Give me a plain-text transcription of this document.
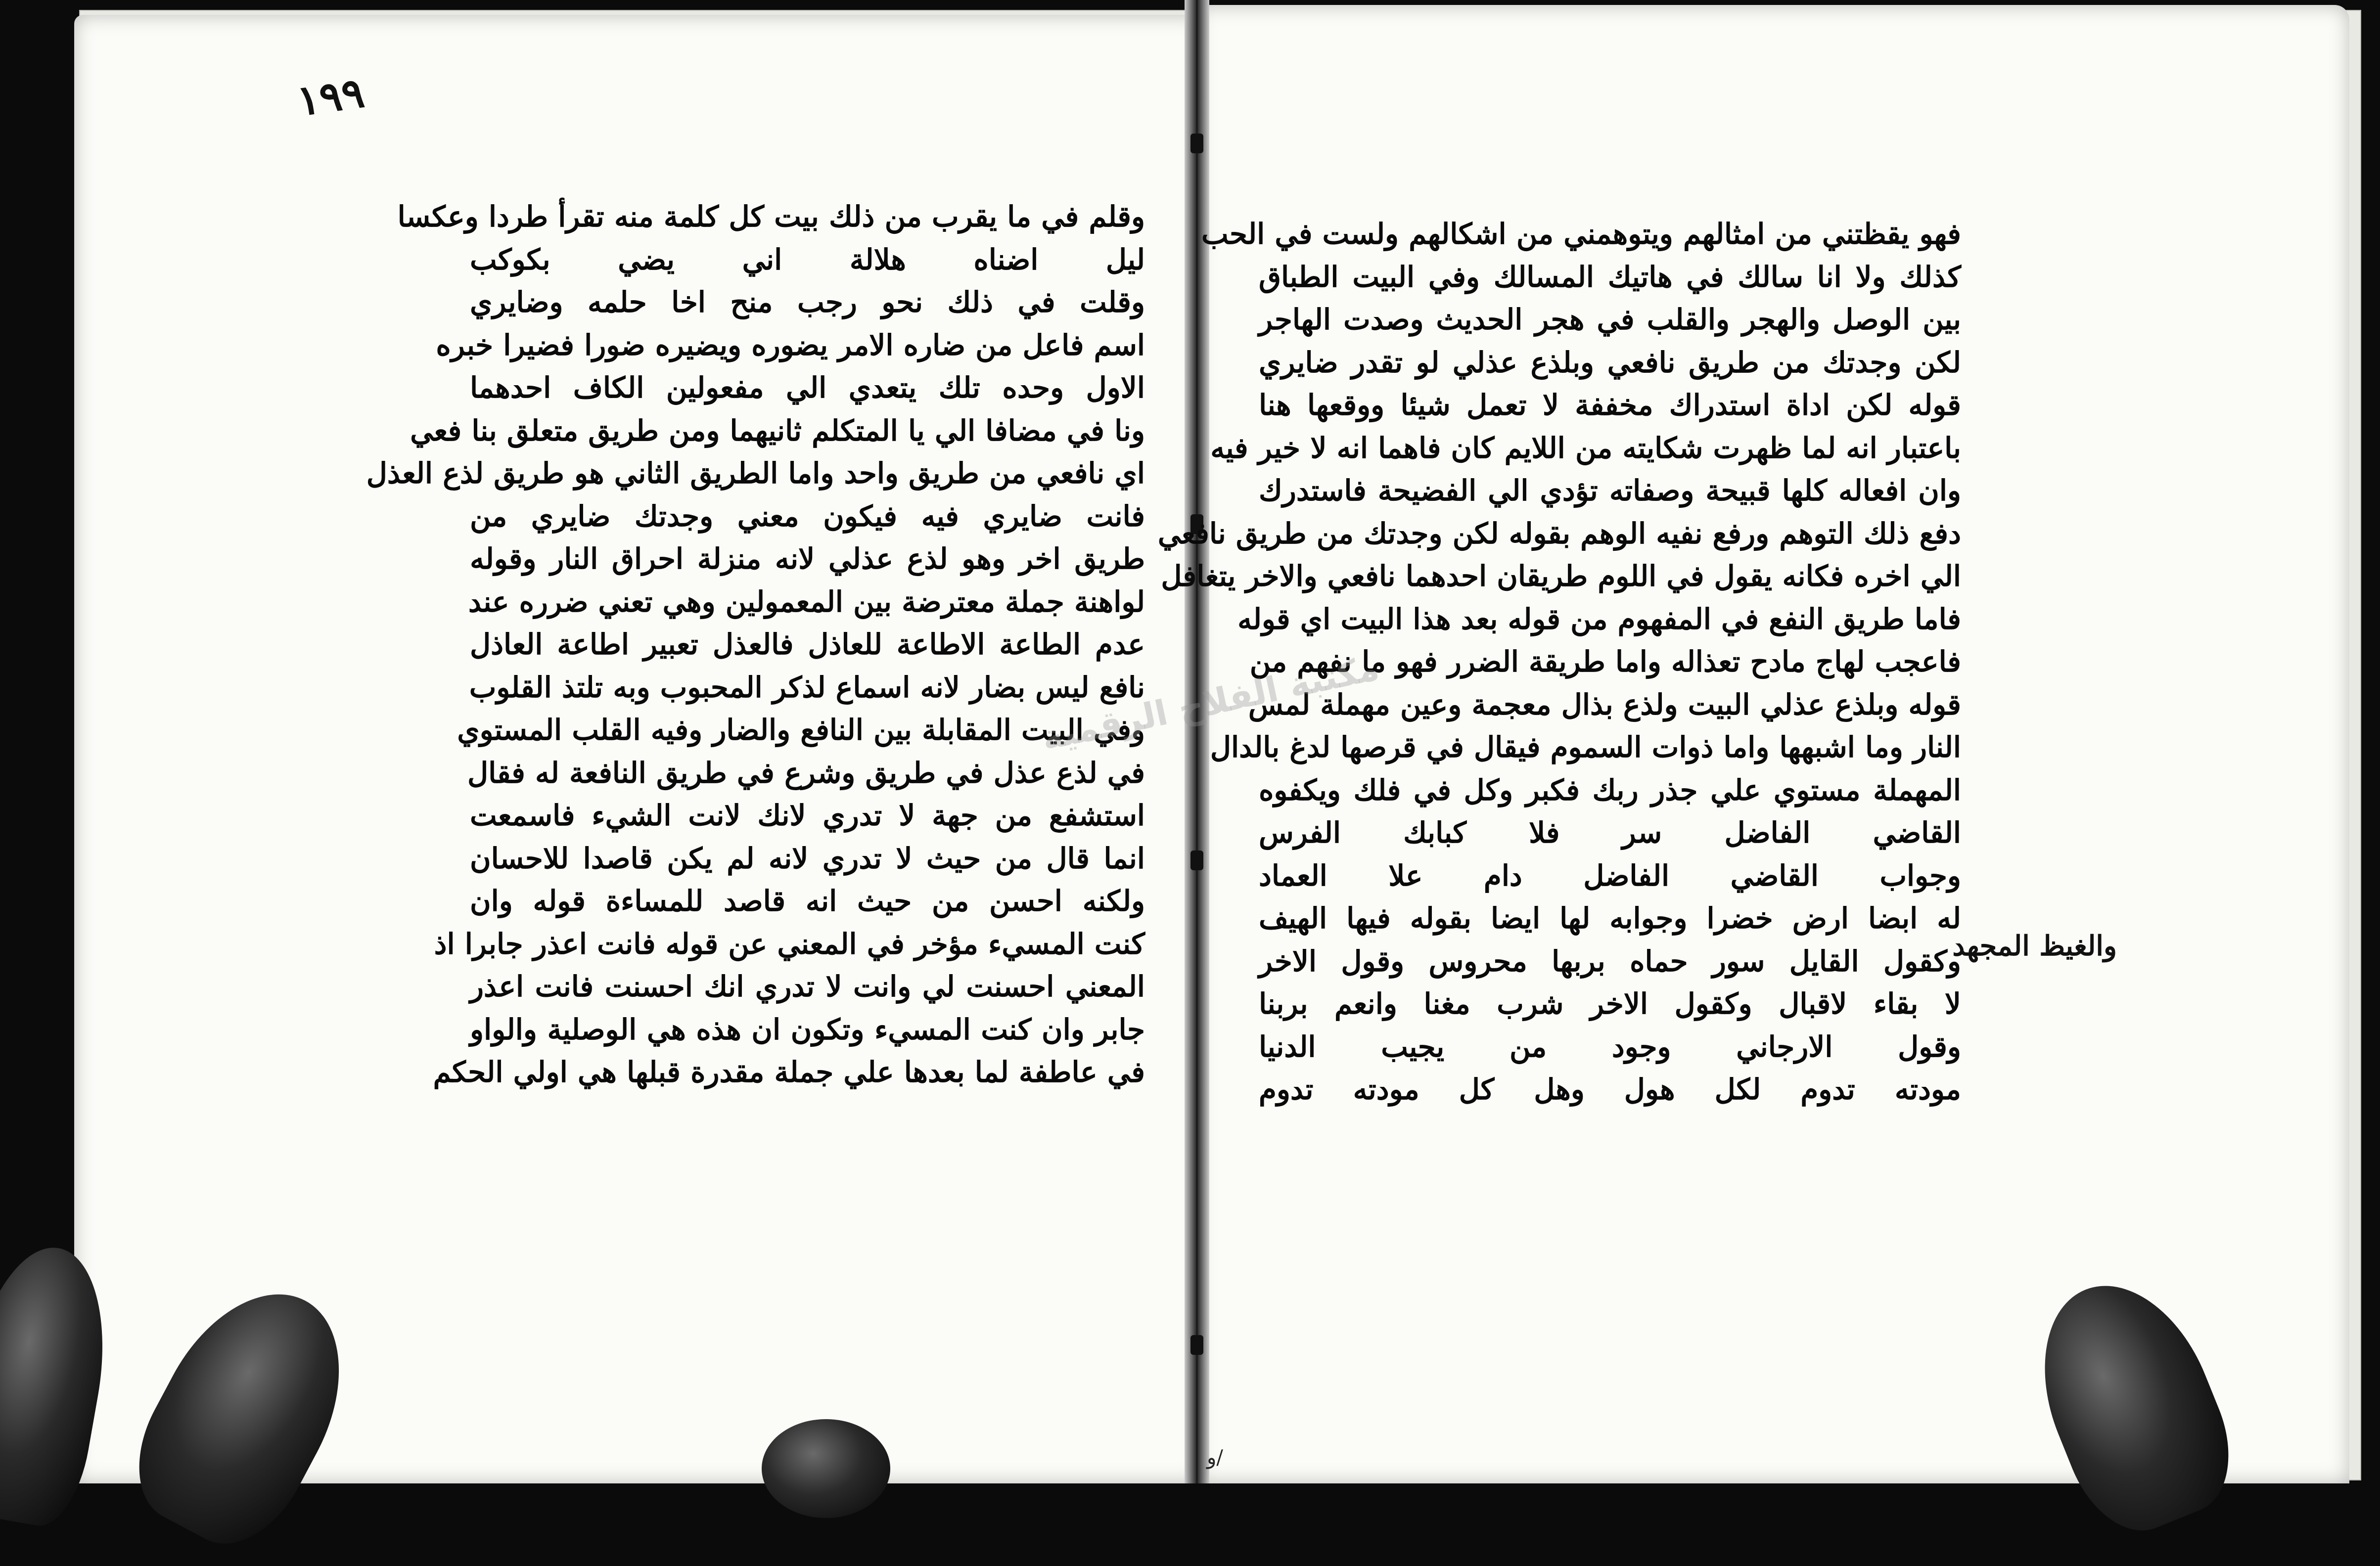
١٩٩
وقلم في ما يقرب من ذلك بيت كل كلمة منه تقرأ طردا وعكسا
ليل اضناه هلالة اني يضي بكوكب
وقلت في ذلك نحو رجب منح اخا حلمه وضايري
اسم فاعل من ضاره الامر يضوره ويضيره ضورا فضيرا خبره
الاول وحده تلك يتعدي الي مفعولين الكاف احدهما
ونا في مضافا الي يا المتكلم ثانيهما ومن طريق متعلق بنا فعي
اي نافعي من طريق واحد واما الطريق الثاني هو طريق لذع العذل
فانت ضايري فيه فيكون معني وجدتك ضايري من
طريق اخر وهو لذع عذلي لانه منزلة احراق النار وقوله
لواهنة جملة معترضة بين المعمولين وهي تعني ضرره عند
عدم الطاعة الاطاعة للعاذل فالعذل تعبير اطاعة العاذل
نافع ليس بضار لانه اسماع لذكر المحبوب وبه تلتذ القلوب
وفي البيت المقابلة بين النافع والضار وفيه القلب المستوي
في لذع عذل في طريق وشرع في طريق النافعة له فقال
استشفع من جهة لا تدري لانك لانت الشيء فاسمعت
انما قال من حيث لا تدري لانه لم يكن قاصدا للاحسان
ولكنه احسن من حيث انه قاصد للمساءة قوله وان
كنت المسيء مؤخر في المعني عن قوله فانت اعذر جابرا اذ
المعني احسنت لي وانت لا تدري انك احسنت فانت اعذر
جابر وان كنت المسيء وتكون ان هذه هي الوصلية والواو
في عاطفة لما بعدها علي جملة مقدرة قبلها هي اولي الحكم
فهو يقظتني من امثالهم ويتوهمني من اشكالهم ولست في الحب
كذلك ولا انا سالك في هاتيك المسالك وفي البيت الطباق
بين الوصل والهجر والقلب في هجر الحديث وصدت الهاجر
لكن وجدتك من طريق نافعي وبلذع عذلي لو تقدر ضايري
قوله لكن اداة استدراك مخففة لا تعمل شيئا ووقعها هنا
باعتبار انه لما ظهرت شكايته من اللايم كان فاهما انه لا خير فيه
وان افعاله كلها قبيحة وصفاته تؤدي الي الفضيحة فاستدرك
دفع ذلك التوهم ورفع نفيه الوهم بقوله لكن وجدتك من طريق نافعي
الي اخره فكانه يقول في اللوم طريقان احدهما نافعي والاخر يتغافل
فاما طريق النفع في المفهوم من قوله بعد هذا البيت اي قوله
فاعجب لهاج مادح تعذاله واما طريقة الضرر فهو ما نفهم من
قوله وبلذع عذلي البيت ولذع بذال معجمة وعين مهملة لمس
النار وما اشبهها واما ذوات السموم فيقال في قرصها لدغ بالدال
المهملة مستوي علي جذر ربك فكبر وكل في فلك ويكفوه
القاضي الفاضل سر فلا كبابك الفرس
وجواب القاضي الفاضل دام علا العماد
له ابضا ارض خضرا وجوابه لها ايضا بقوله فيها الهيف
وكقول القايل سور حماه بربها محروس وقول الاخر
لا بقاء لاقبال وكقول الاخر شرب مغنا وانعم بربنا
وقول الارجاني وجود من يجيب الدنيا
مودته تدوم لكل هول وهل كل مودته تدوم
والغيظ المجهد
مكتبة الفلاح الرقمية
و/
